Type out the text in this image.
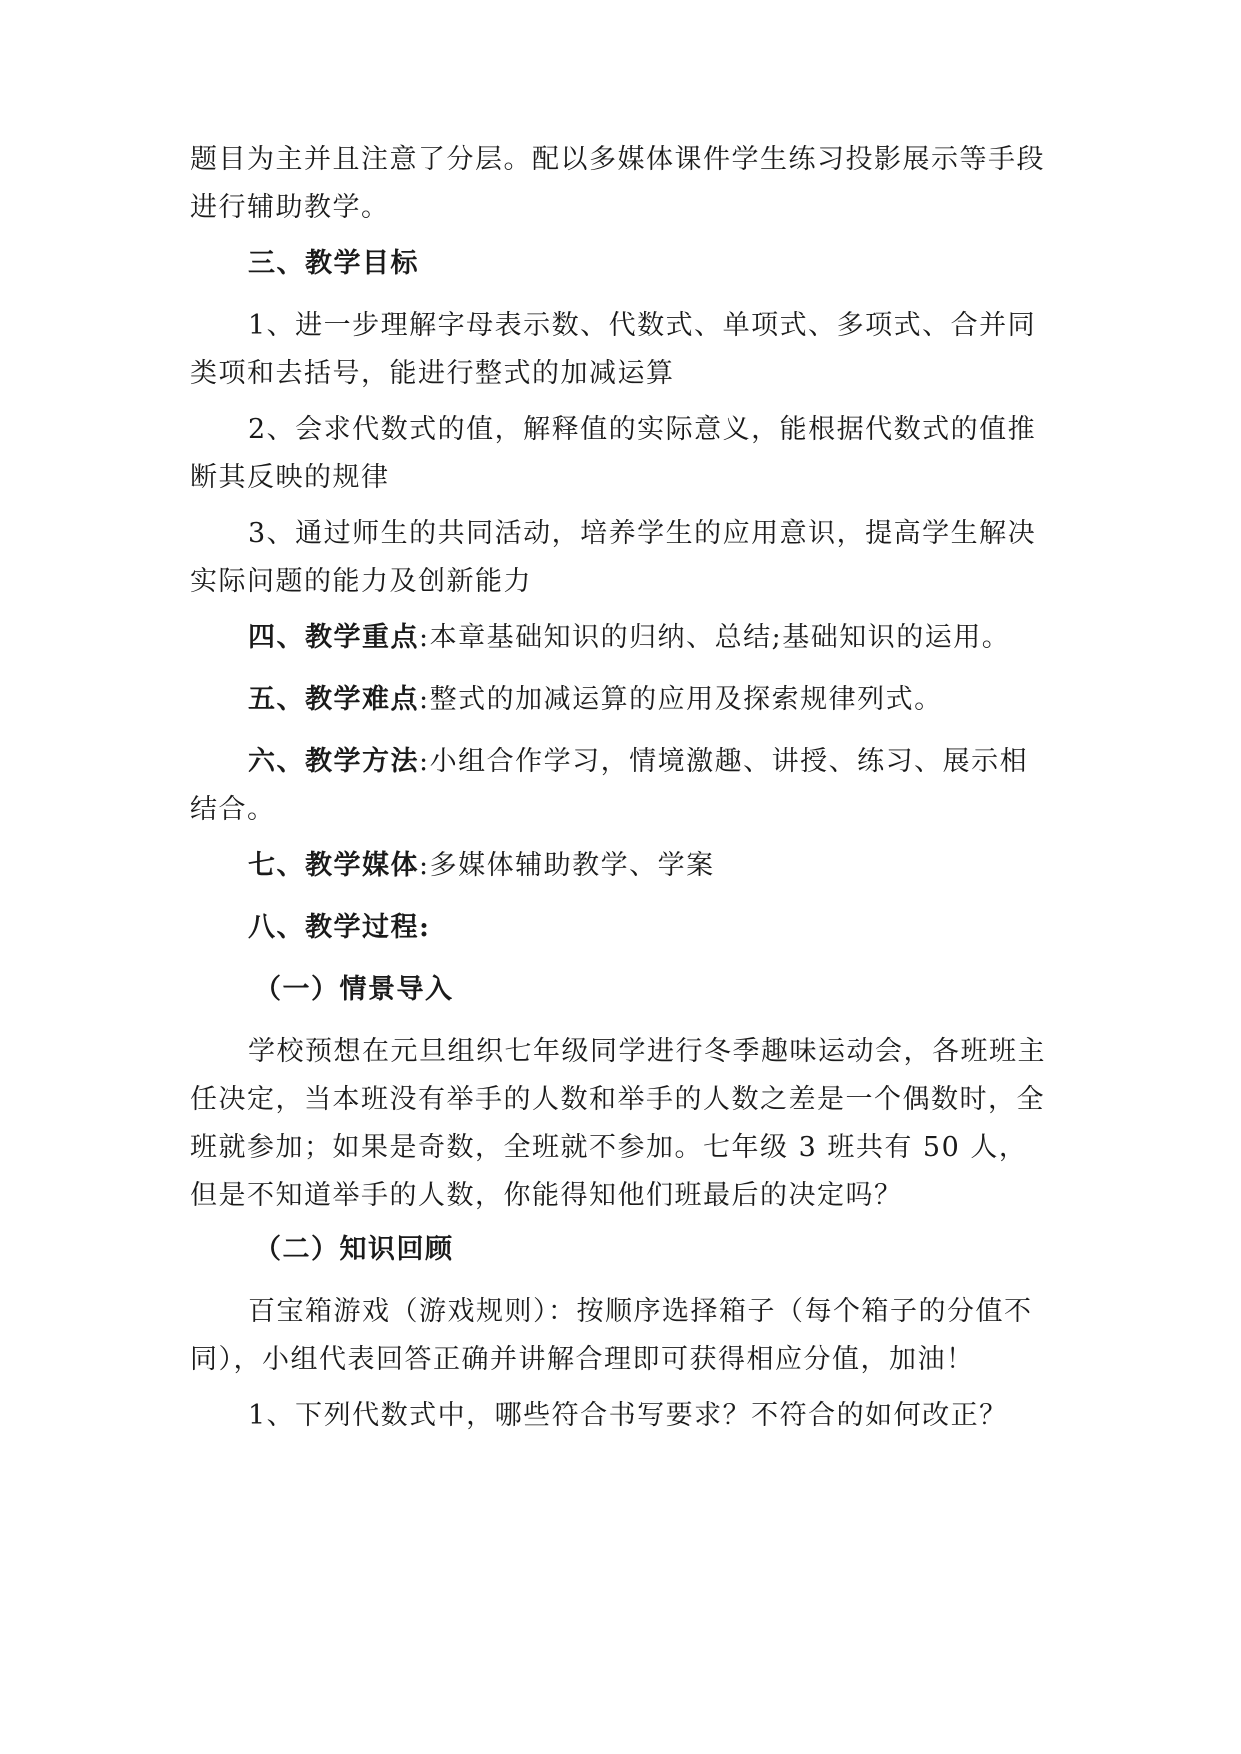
题目为主并且注意了分层。配以多媒体课件学生练习投影展示等手段进行辅助教学。

三、教学目标

1、进一步理解字母表示数、代数式、单项式、多项式、合并同类项和去括号，能进行整式的加减运算

2、会求代数式的值，解释值的实际意义，能根据代数式的值推断其反映的规律

3、通过师生的共同活动，培养学生的应用意识，提高学生解决实际问题的能力及创新能力

四、教学重点:本章基础知识的归纳、总结;基础知识的运用。

五、教学难点:整式的加减运算的应用及探索规律列式。

六、教学方法:小组合作学习，情境激趣、讲授、练习、展示相结合。

七、教学媒体:多媒体辅助教学、学案

八、教学过程:

（一）情景导入

学校预想在元旦组织七年级同学进行冬季趣味运动会，各班班主任决定，当本班没有举手的人数和举手的人数之差是一个偶数时，全班就参加；如果是奇数，全班就不参加。七年级 3 班共有 50 人，但是不知道举手的人数，你能得知他们班最后的决定吗？

（二）知识回顾

百宝箱游戏（游戏规则）：按顺序选择箱子（每个箱子的分值不同），小组代表回答正确并讲解合理即可获得相应分值，加油！

1、下列代数式中，哪些符合书写要求？不符合的如何改正？
